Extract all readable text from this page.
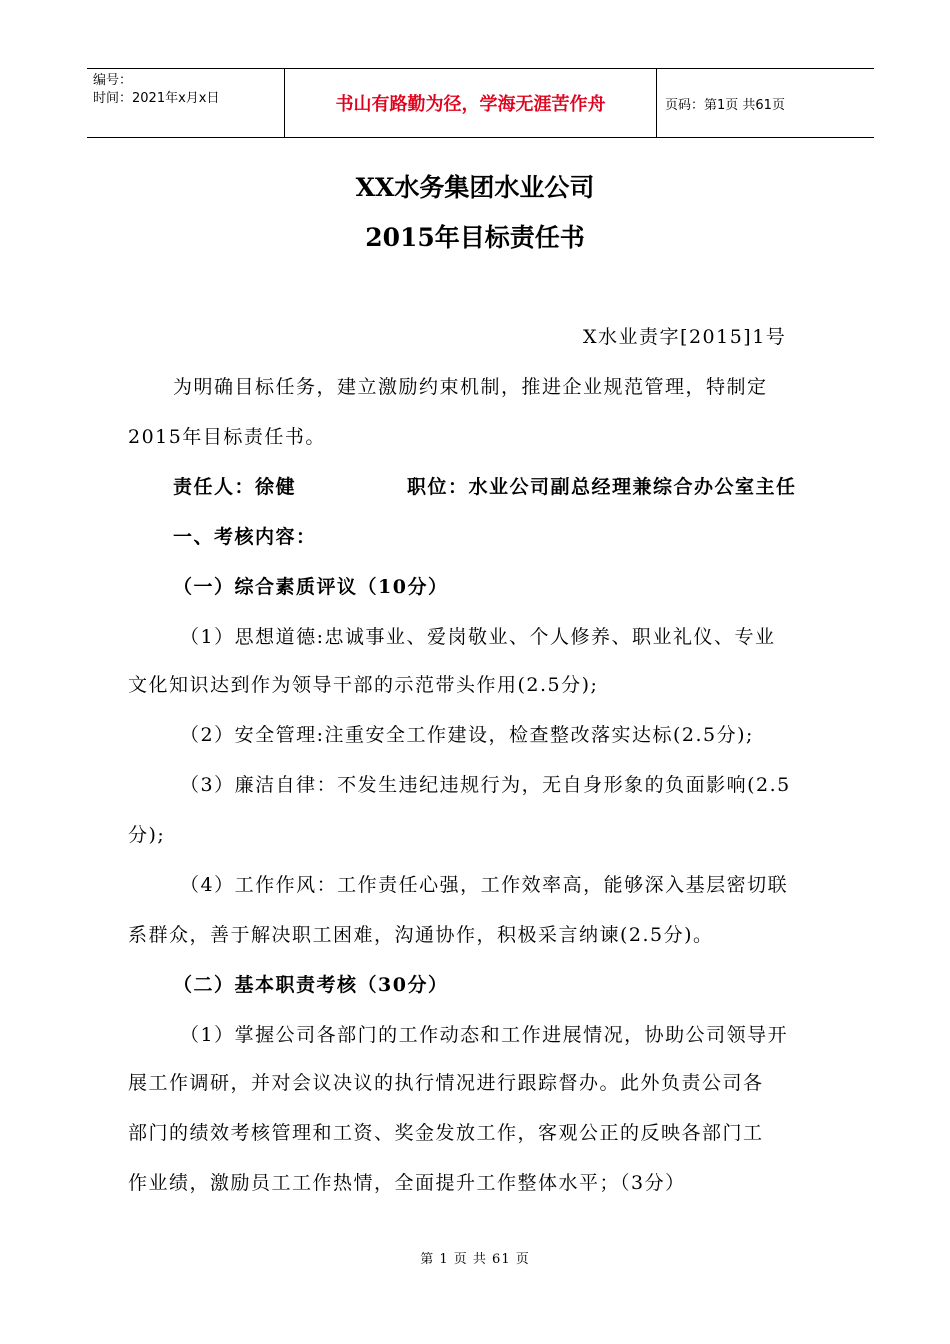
编号：
时间：2021年x月x日	书山有路勤为径，学海无涯苦作舟	页码：第1页 共61页
XX水务集团水业公司
2015年目标责任书
X水业责字[2015]1号
为明确目标任务，建立激励约束机制，推进企业规范管理，特制定
2015年目标责任书。
责任人：徐健	职位：水业公司副总经理兼综合办公室主任
一、考核内容：
（一）综合素质评议（10分）
（1）思想道德:忠诚事业、爱岗敬业、个人修养、职业礼仪、专业
文化知识达到作为领导干部的示范带头作用(2.5分);
（2）安全管理:注重安全工作建设，检查整改落实达标(2.5分);
（3）廉洁自律：不发生违纪违规行为，无自身形象的负面影响(2.5
分);
（4）工作作风：工作责任心强，工作效率高，能够深入基层密切联
系群众，善于解决职工困难，沟通协作，积极采言纳谏(2.5分)。
（二）基本职责考核（30分）
（1）掌握公司各部门的工作动态和工作进展情况，协助公司领导开
展工作调研，并对会议决议的执行情况进行跟踪督办。此外负责公司各
部门的绩效考核管理和工资、奖金发放工作，客观公正的反映各部门工
作业绩，激励员工工作热情，全面提升工作整体水平；（3分）
第 1 页 共 61 页
